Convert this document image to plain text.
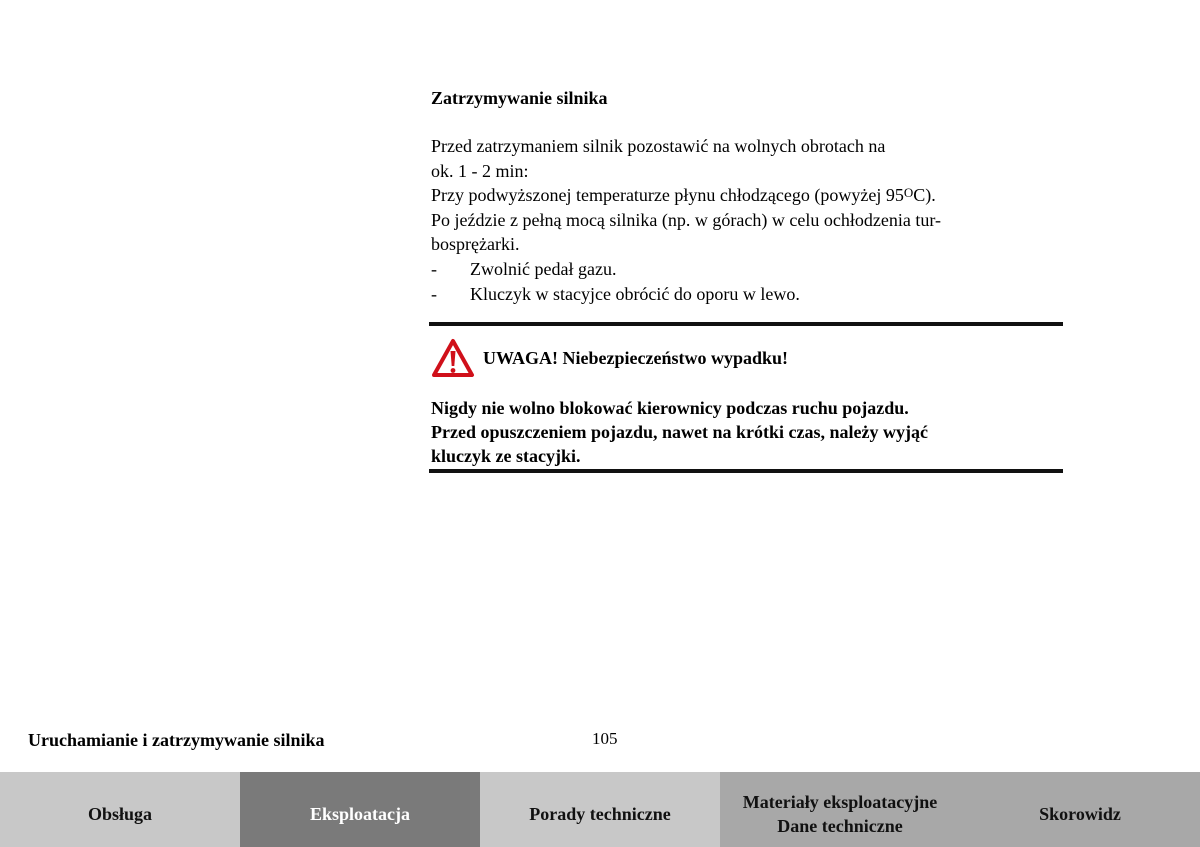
Zatrzymywanie silnika

Przed zatrzymaniem silnik pozostawić na wolnych obrotach na

ok. 1 - 2 min:

Przy podwyższonej temperaturze płynu chłodzącego (powyżej $95^OC$).

Po jeździe z pełną mocą silnika (np. w górach) w celu ochłodzenia tur-

bosprężarki.

-	Zwolnić pedał gazu.
-	Kluczyk w stacyjce obrócić do oporu w lewo.
UWAGA! Niebezpieczeństwo wypadku!

Nigdy nie wolno blokować kierownicy podczas ruchu pojazdu.

Przed opuszczeniem pojazdu, nawet na krótki czas, należy wyjąć

kluczyk ze stacyjki.

Uruchamianie i zatrzymywanie silnika	105
Obsługa	Eksploatacja	Porady techniczne
Materiały eksploatacyjne
Dane techniczne
Skorowidz
